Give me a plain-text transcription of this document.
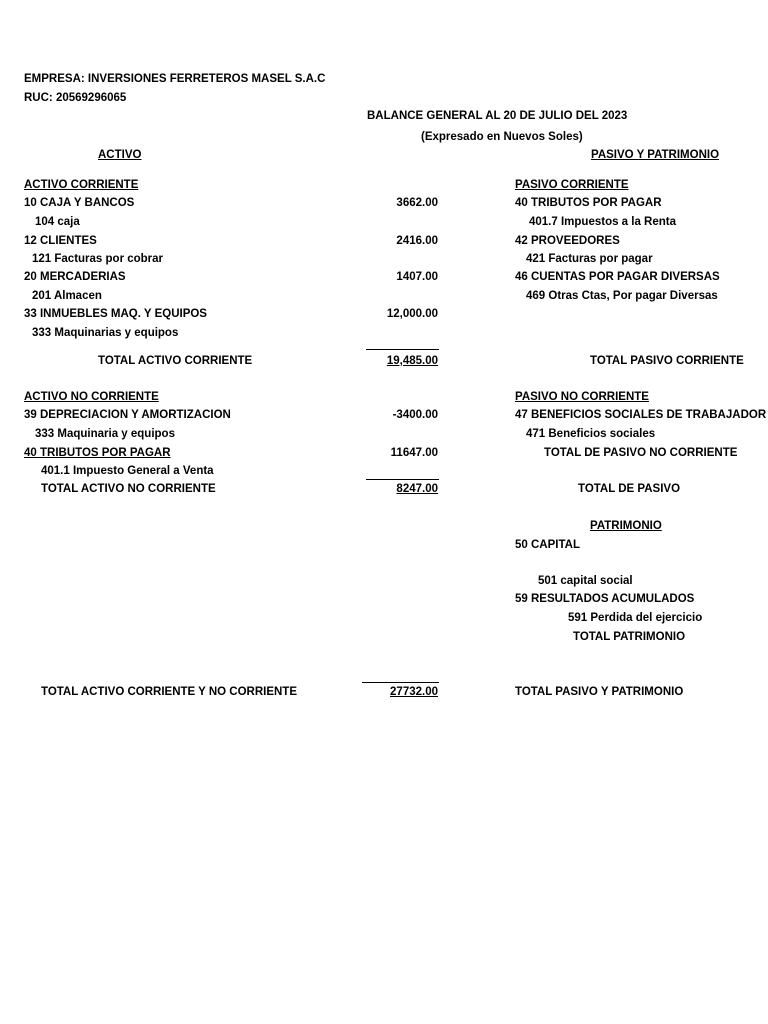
EMPRESA: INVERSIONES FERRETEROS MASEL S.A.C
RUC: 20569296065
BALANCE GENERAL AL 20 DE JULIO DEL 2023
(Expresado en Nuevos Soles)
ACTIVO	PASIVO Y PATRIMONIO
ACTIVO CORRIENTE
10 CAJA Y BANCOS	3662.00
104 caja
12 CLIENTES	2416.00
121 Facturas por cobrar
20 MERCADERIAS	1407.00
201 Almacen
33 INMUEBLES MAQ. Y EQUIPOS	12,000.00
333 Maquinarias y equipos
TOTAL ACTIVO CORRIENTE	19,485.00
ACTIVO NO CORRIENTE
39 DEPRECIACION Y AMORTIZACION	-3400.00
333 Maquinaria y equipos
40 TRIBUTOS POR PAGAR	11647.00
401.1 Impuesto General a Venta
TOTAL ACTIVO NO CORRIENTE	8247.00
PASIVO CORRIENTE
40 TRIBUTOS POR PAGAR
401.7 Impuestos a la Renta
42 PROVEEDORES
421 Facturas por pagar
46 CUENTAS POR PAGAR DIVERSAS
469 Otras Ctas, Por pagar Diversas
TOTAL PASIVO CORRIENTE
PASIVO NO CORRIENTE
47 BENEFICIOS SOCIALES DE TRABAJADOR
471 Beneficios sociales
TOTAL DE PASIVO NO CORRIENTE
TOTAL DE PASIVO
PATRIMONIO
50 CAPITAL
501 capital social
59 RESULTADOS ACUMULADOS
591 Perdida del ejercicio
TOTAL PATRIMONIO
TOTAL ACTIVO CORRIENTE Y NO CORRIENTE	27732.00	TOTAL PASIVO Y PATRIMONIO
